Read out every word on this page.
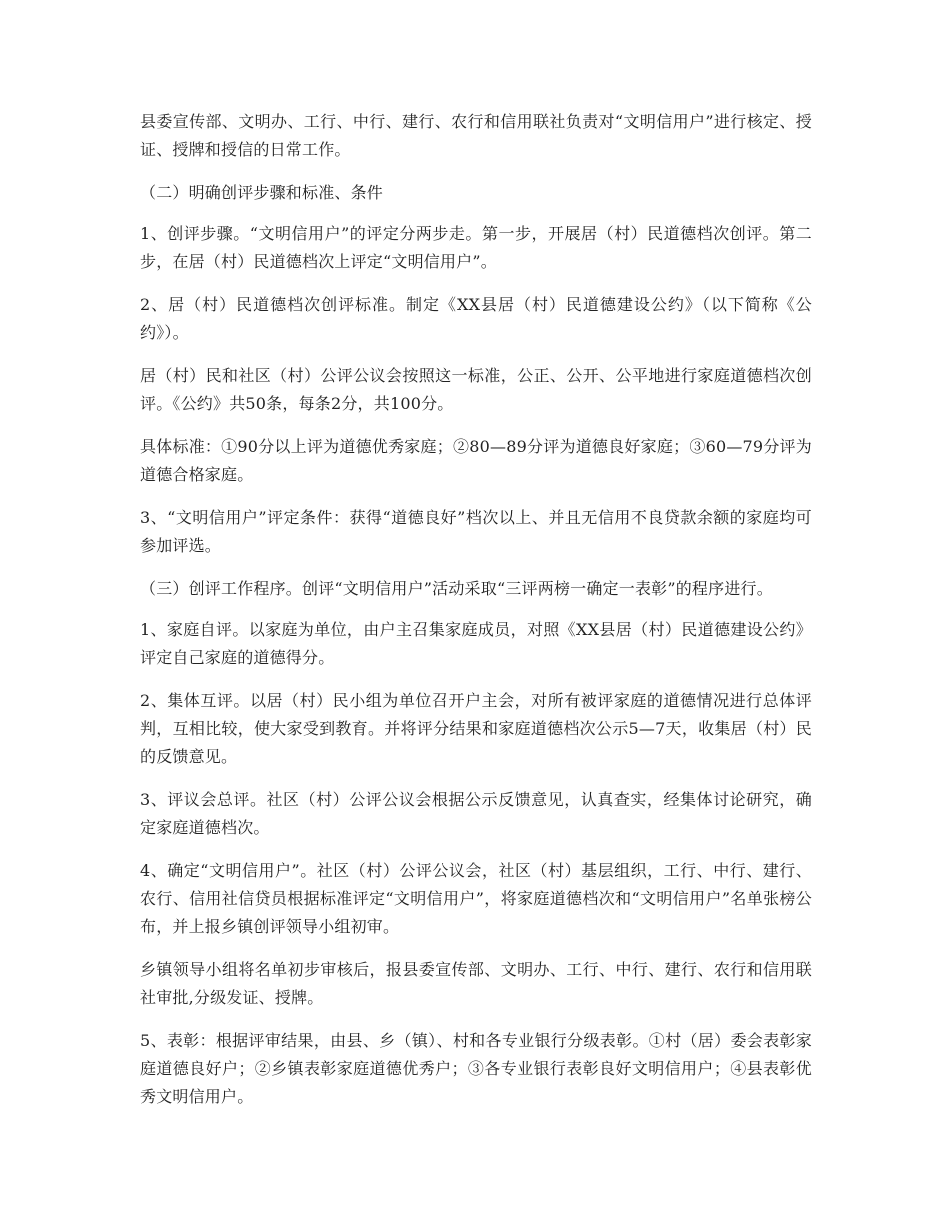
县委宣传部、文明办、工行、中行、建行、农行和信用联社负责对“文明信用户”进行核定、授证、授牌和授信的日常工作。

（二）明确创评步骤和标准、条件

1、创评步骤。“文明信用户”的评定分两步走。第一步，开展居（村）民道德档次创评。第二步，在居（村）民道德档次上评定“文明信用户”。

2、居（村）民道德档次创评标准。制定《XX县居（村）民道德建设公约》（以下简称《公约》）。

居（村）民和社区（村）公评公议会按照这一标准，公正、公开、公平地进行家庭道德档次创评。《公约》共50条，每条2分，共100分。

具体标准：①90分以上评为道德优秀家庭；②80—89分评为道德良好家庭；③60—79分评为道德合格家庭。

3、“文明信用户”评定条件：获得“道德良好”档次以上、并且无信用不良贷款余额的家庭均可参加评选。

（三）创评工作程序。创评“文明信用户”活动采取“三评两榜一确定一表彰”的程序进行。

1、家庭自评。以家庭为单位，由户主召集家庭成员，对照《XX县居（村）民道德建设公约》评定自己家庭的道德得分。

2、集体互评。以居（村）民小组为单位召开户主会，对所有被评家庭的道德情况进行总体评判，互相比较，使大家受到教育。并将评分结果和家庭道德档次公示5—7天，收集居（村）民的反馈意见。

3、评议会总评。社区（村）公评公议会根据公示反馈意见，认真查实，经集体讨论研究，确定家庭道德档次。

4、确定“文明信用户”。社区（村）公评公议会，社区（村）基层组织，工行、中行、建行、农行、信用社信贷员根据标准评定“文明信用户”，将家庭道德档次和“文明信用户”名单张榜公布，并上报乡镇创评领导小组初审。

乡镇领导小组将名单初步审核后，报县委宣传部、文明办、工行、中行、建行、农行和信用联社审批,分级发证、授牌。

5、表彰：根据评审结果，由县、乡（镇）、村和各专业银行分级表彰。①村（居）委会表彰家庭道德良好户；②乡镇表彰家庭道德优秀户；③各专业银行表彰良好文明信用户；④县表彰优秀文明信用户。
